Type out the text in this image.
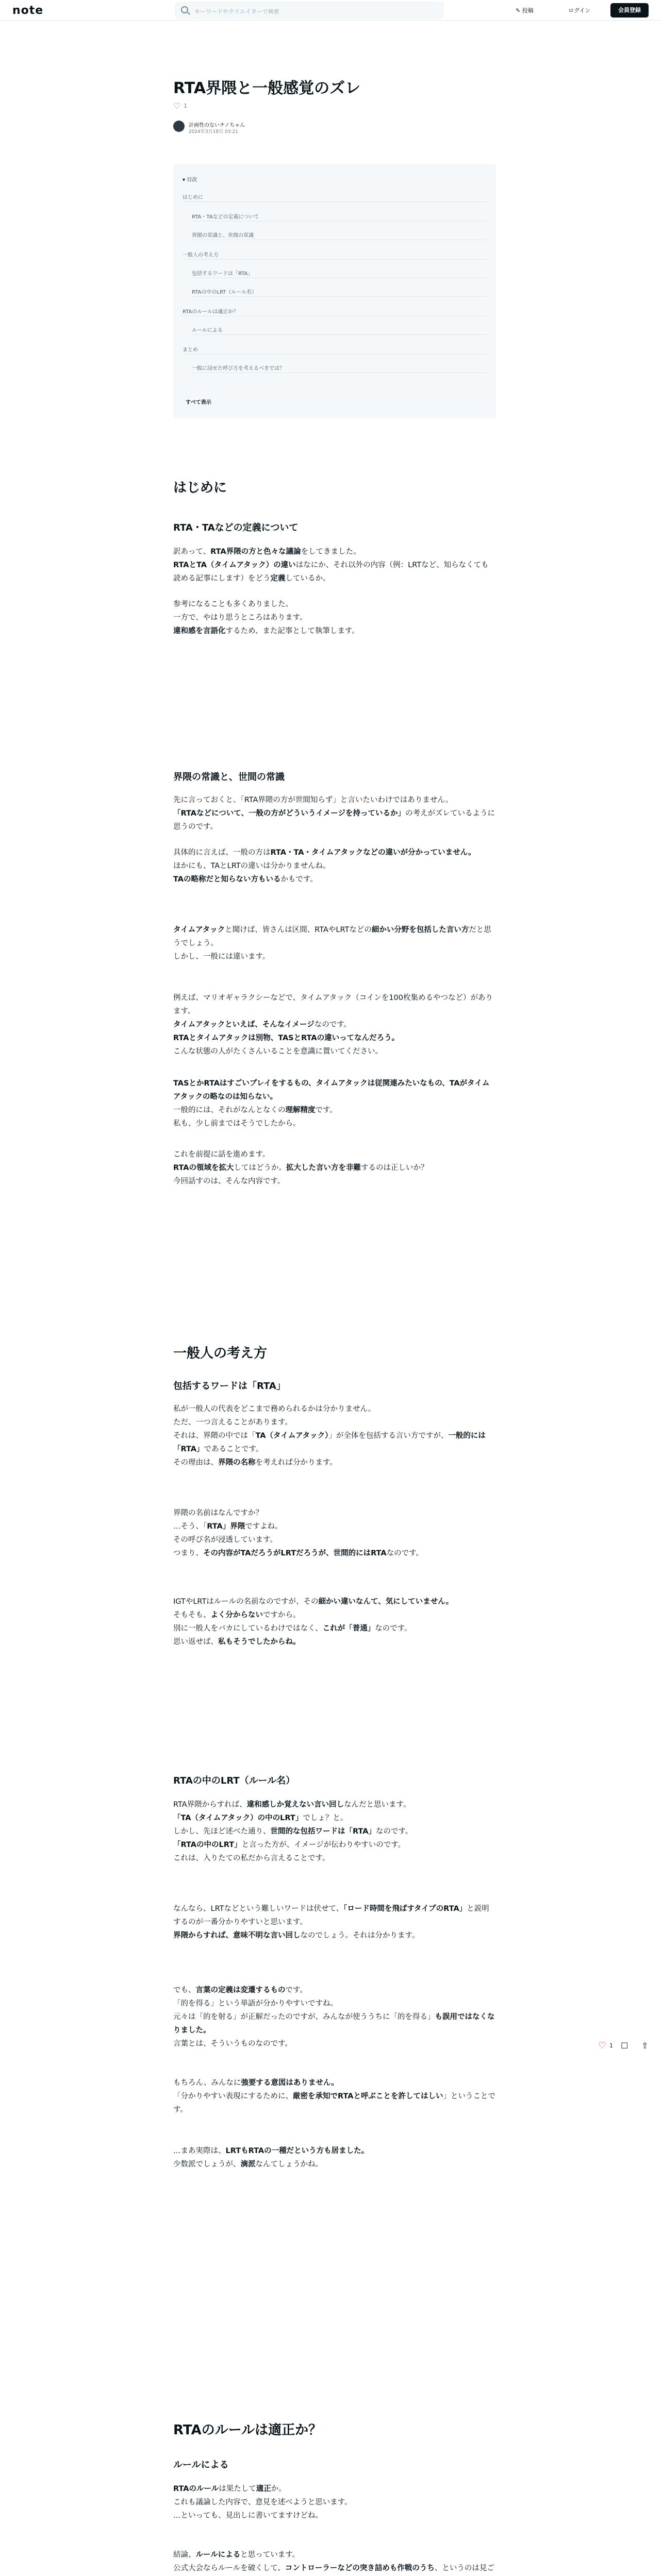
note	キーワードやクリエイターで検索	✎ 投稿	ログイン	会員登録
RTA界隈と一般感覚のズレ
♡ 1
計画性のないチノちゃん
2024年3月18日 03:21
▾ 目次
はじめに
RTA・TAなどの定義について
界隈の常識と、世間の常識
一般人の考え方
包括するワードは「RTA」
RTAの中のLRT（ルール名）
RTAのルールは適正か？
ルールによる
まとめ
一般に浸せた呼び方を考えるべきでは？
すべて表示
はじめに
RTA・TAなどの定義について
訳あって、RTA界隈の方と色々な議論をしてきました。
RTAとTA（タイムアタック）の違いはなにか、それ以外の内容（例：LRTなど、知らなくても読める記事にします）をどう定義しているか。
参考になることも多くありました。
一方で、やはり思うところはあります。
違和感を言語化するため、また記事として執筆します。
界隈の常識と、世間の常識
先に言っておくと、「RTA界隈の方が世間知らず」と言いたいわけではありません。
「RTAなどについて、一般の方がどういうイメージを持っているか」の考えがズレているように思うのです。
具体的に言えば、一般の方はRTA・TA・タイムアタックなどの違いが分かっていません。
ほかにも、TAとLRTの違いは分かりませんね。
TAの略称だと知らない方もいるかもです。
タイムアタックと聞けば、皆さんは区間、RTAやLRTなどの細かい分野を包括した言い方だと思うでしょう。
しかし、一般には違います。
例えば、マリオギャラクシーなどで、タイムアタック（コインを100枚集めるやつなど）があります。
タイムアタックといえば、そんなイメージなのです。
RTAとタイムアタックは別物、TASとRTAの違いってなんだろう。
こんな状態の人がたくさんいることを意識に置いてください。
TASとかRTAはすごいプレイをするもの、タイムアタックは従関連みたいなもの、TAがタイムアタックの略なのは知らない。
一般的には、それがなんとなくの理解精度です。
私も、少し前まではそうでしたから。
これを前提に話を進めます。
RTAの領域を拡大してはどうか。拡大した言い方を非難するのは正しいか？
今回話すのは、そんな内容です。
一般人の考え方
包括するワードは「RTA」
私が一般人の代表をどこまで務められるかは分かりません。
ただ、一つ言えることがあります。
それは、界隈の中では「TA（タイムアタック）」が全体を包括する言い方ですが、一般的には「RTA」であることです。
その理由は、界隈の名称を考えれば分かります。
界隈の名前はなんですか？
…そう、「RTA」界隈ですよね。
その呼び名が浸透しています。
つまり、その内容がTAだろうがLRTだろうが、世間的にはRTAなのです。
IGTやLRTはルールの名前なのですが、その細かい違いなんて、気にしていません。
そもそも、よく分からないですから。
別に一般人をバカにしているわけではなく、これが「普通」なのです。
思い返せば、私もそうでしたからね。
RTAの中のLRT（ルール名）
RTA界隈からすれば、違和感しか覚えない言い回しなんだと思います。
「TA（タイムアタック）の中のLRT」でしょ？と。
しかし、先ほど述べた通り、世間的な包括ワードは「RTA」なのです。
「RTAの中のLRT」と言った方が、イメージが伝わりやすいのです。
これは、入りたての私だから言えることです。
なんなら、LRTなどという難しいワードは伏せて、「ロード時間を飛ばすタイプのRTA」と説明するのが一番分かりやすいと思います。
界隈からすれば、意味不明な言い回しなのでしょう。それは分かります。
でも、言葉の定義は変遷するものです。
「的を得る」という単語が分かりやすいですね。
元々は「的を射る」が正解だったのですが、みんなが使ううちに「的を得る」も誤用ではなくなりました。
言葉とは、そういうものなのです。
もちろん、みんなに強要する意図はありません。
「分かりやすい表現にするために、厳密を承知でRTAと呼ぶことを許してはしい」ということです。
…まあ実際は、LRTもRTAの一種だという方も居ました。
少数派でしょうが、滴派なんてしょうかね。
RTAのルールは適正か？
ルールによる
RTAのルールは果たして適正か。
これも議論した内容で、意見を述べようと思います。
…といっても、見出しに書いてますけどね。
結論、ルールによると思っています。
公式大会ならルールを破くして、コントローラーなどの突き詰めも作戦のうち、というのは見ご
♡ 1 ☐ ⇧
